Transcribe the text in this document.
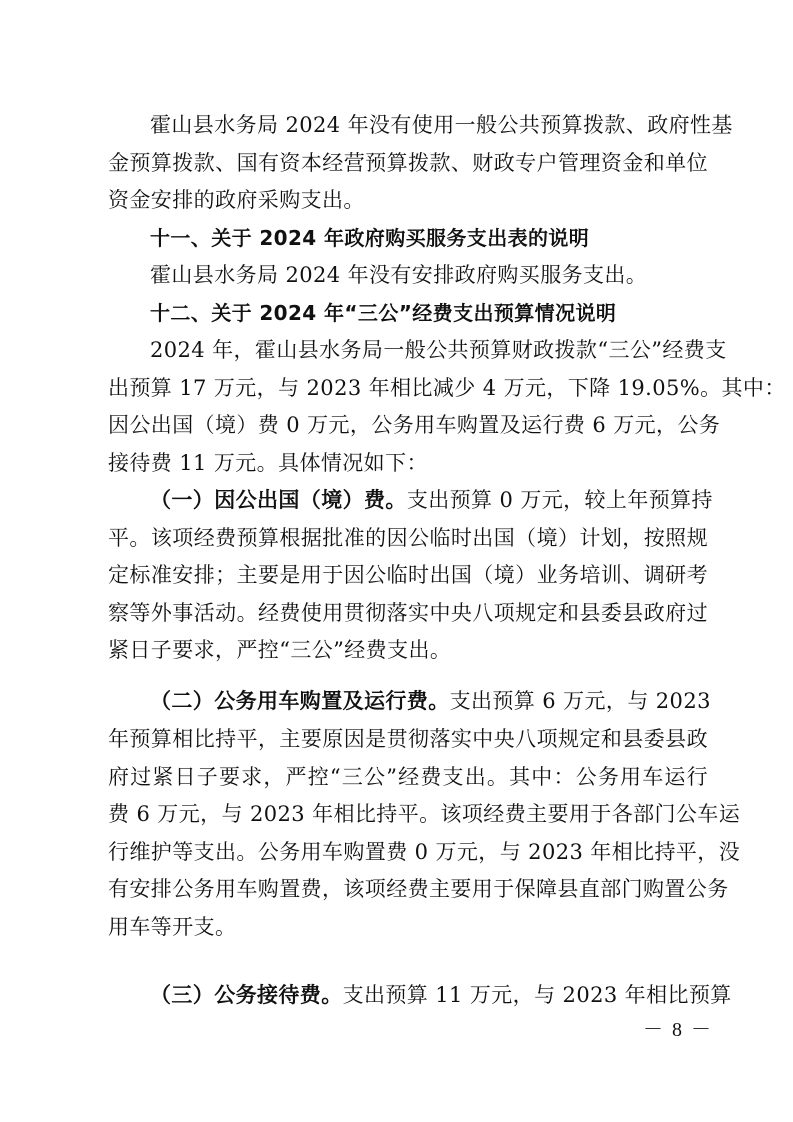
霍山县水务局 2024 年没有使用一般公共预算拨款、政府性基
金预算拨款、国有资本经营预算拨款、财政专户管理资金和单位
资金安排的政府采购支出。
十一、关于 2024 年政府购买服务支出表的说明
霍山县水务局 2024 年没有安排政府购买服务支出。
十二、关于 2024 年“三公”经费支出预算情况说明
2024 年，霍山县水务局一般公共预算财政拨款“三公”经费支
出预算 17 万元，与 2023 年相比减少 4 万元，下降 19.05%。其中：
因公出国（境）费 0 万元，公务用车购置及运行费 6 万元，公务
接待费 11 万元。具体情况如下：
（一）因公出国（境）费。支出预算 0 万元，较上年预算持
平。该项经费预算根据批准的因公临时出国（境）计划，按照规
定标准安排；主要是用于因公临时出国（境）业务培训、调研考
察等外事活动。经费使用贯彻落实中央八项规定和县委县政府过
紧日子要求，严控“三公”经费支出。
（二）公务用车购置及运行费。支出预算 6 万元，与 2023
年预算相比持平，主要原因是贯彻落实中央八项规定和县委县政
府过紧日子要求，严控“三公”经费支出。其中：公务用车运行
费 6 万元，与 2023 年相比持平。该项经费主要用于各部门公车运
行维护等支出。公务用车购置费 0 万元，与 2023 年相比持平，没
有安排公务用车购置费，该项经费主要用于保障县直部门购置公务
用车等开支。
（三）公务接待费。支出预算 11 万元，与 2023 年相比预算
－ 8 －
